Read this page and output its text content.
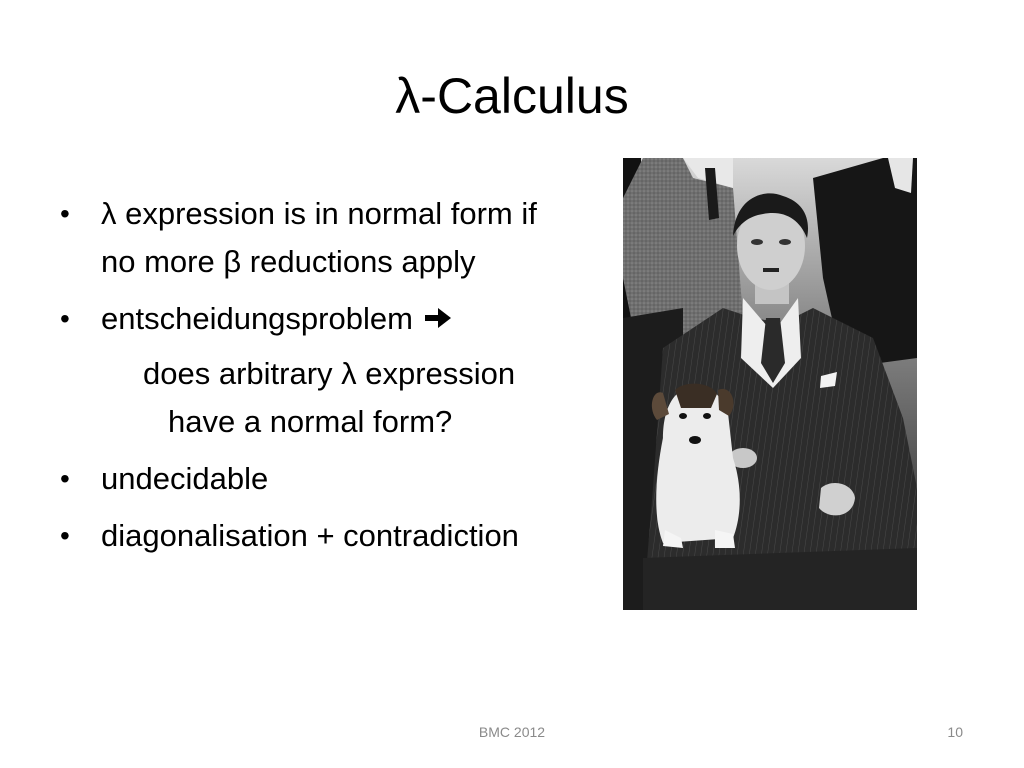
λ-Calculus
• λ expression is in normal form if no more β reductions apply
• entscheidungsproblem
does arbitrary λ expression have a normal form?
• undecidable
• diagonalisation + contradiction
BMC 2012	10
